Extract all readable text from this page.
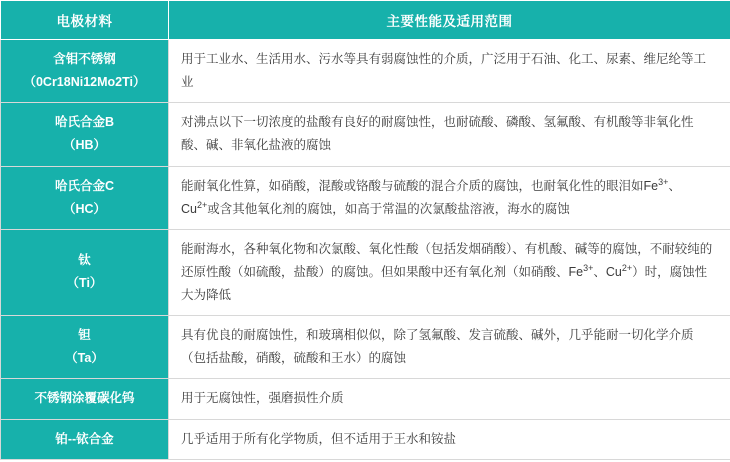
电极材料	主要性能及适用范围

含钼不锈钢
（0Cr18Ni12Mo2Ti）	用于工业水、生活用水、污水等具有弱腐蚀性的介质，广泛用于石油、化工、尿素、维尼纶等工业

哈氏合金B
（HB）	对沸点以下一切浓度的盐酸有良好的耐腐蚀性，也耐硫酸、磷酸、氢氟酸、有机酸等非氧化性酸、碱、非氧化盐液的腐蚀

哈氏合金C
（HC）	能耐氧化性算，如硝酸，混酸或铬酸与硫酸的混合介质的腐蚀，也耐氧化性的眼泪如$Fe^{3+}$、$Cu^{2+}$或含其他氧化剂的腐蚀，如高于常温的次氯酸盐溶液，海水的腐蚀

钛
（Ti）	能耐海水，各种氧化物和次氯酸、氧化性酸（包括发烟硝酸）、有机酸、碱等的腐蚀，不耐较纯的还原性酸（如硫酸，盐酸）的腐蚀。但如果酸中还有氧化剂（如硝酸、$Fe^{3+}$、$Cu^{2+}$）时，腐蚀性大为降低

钽
（Ta）	具有优良的耐腐蚀性，和玻璃相似似，除了氢氟酸、发言硫酸、碱外，几乎能耐一切化学介质（包括盐酸，硝酸，硫酸和王水）的腐蚀

不锈钢涂覆碳化钨	用于无腐蚀性，强磨损性介质

铂--铱合金	几乎适用于所有化学物质，但不适用于王水和铵盐
